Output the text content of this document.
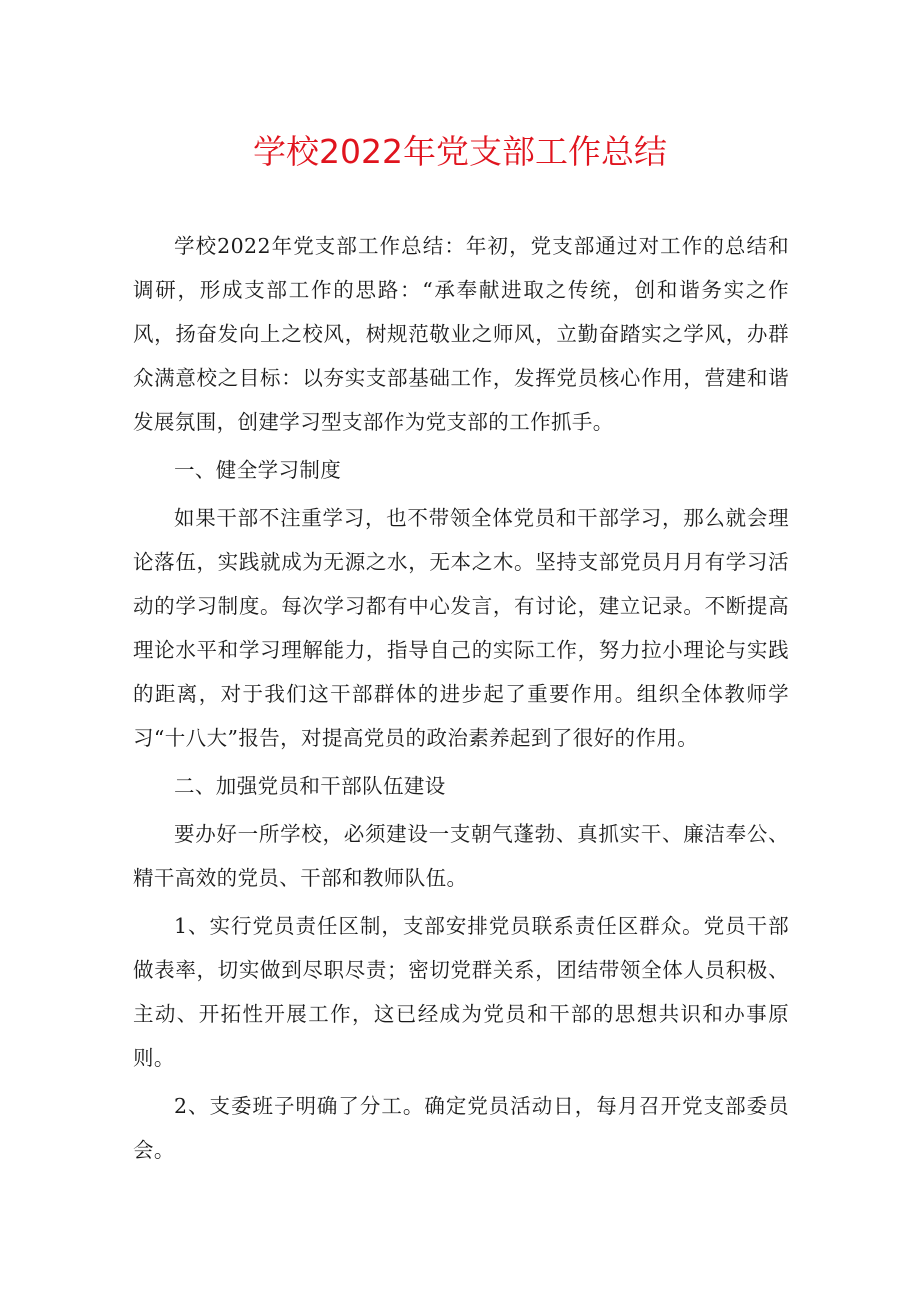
学校2022年党支部工作总结

学校2022年党支部工作总结：年初，党支部通过对工作的总结和调研，形成支部工作的思路：“承奉献进取之传统，创和谐务实之作风，扬奋发向上之校风，树规范敬业之师风，立勤奋踏实之学风，办群众满意校之目标：以夯实支部基础工作，发挥党员核心作用，营建和谐发展氛围，创建学习型支部作为党支部的工作抓手。

一、健全学习制度

如果干部不注重学习，也不带领全体党员和干部学习，那么就会理论落伍，实践就成为无源之水，无本之木。坚持支部党员月月有学习活动的学习制度。每次学习都有中心发言，有讨论，建立记录。不断提高理论水平和学习理解能力，指导自己的实际工作，努力拉小理论与实践的距离，对于我们这干部群体的进步起了重要作用。组织全体教师学习“十八大”报告，对提高党员的政治素养起到了很好的作用。

二、加强党员和干部队伍建设

要办好一所学校，必须建设一支朝气蓬勃、真抓实干、廉洁奉公、精干高效的党员、干部和教师队伍。

1、实行党员责任区制，支部安排党员联系责任区群众。党员干部做表率，切实做到尽职尽责；密切党群关系，团结带领全体人员积极、主动、开拓性开展工作，这已经成为党员和干部的思想共识和办事原则。

2、支委班子明确了分工。确定党员活动日，每月召开党支部委员会。
